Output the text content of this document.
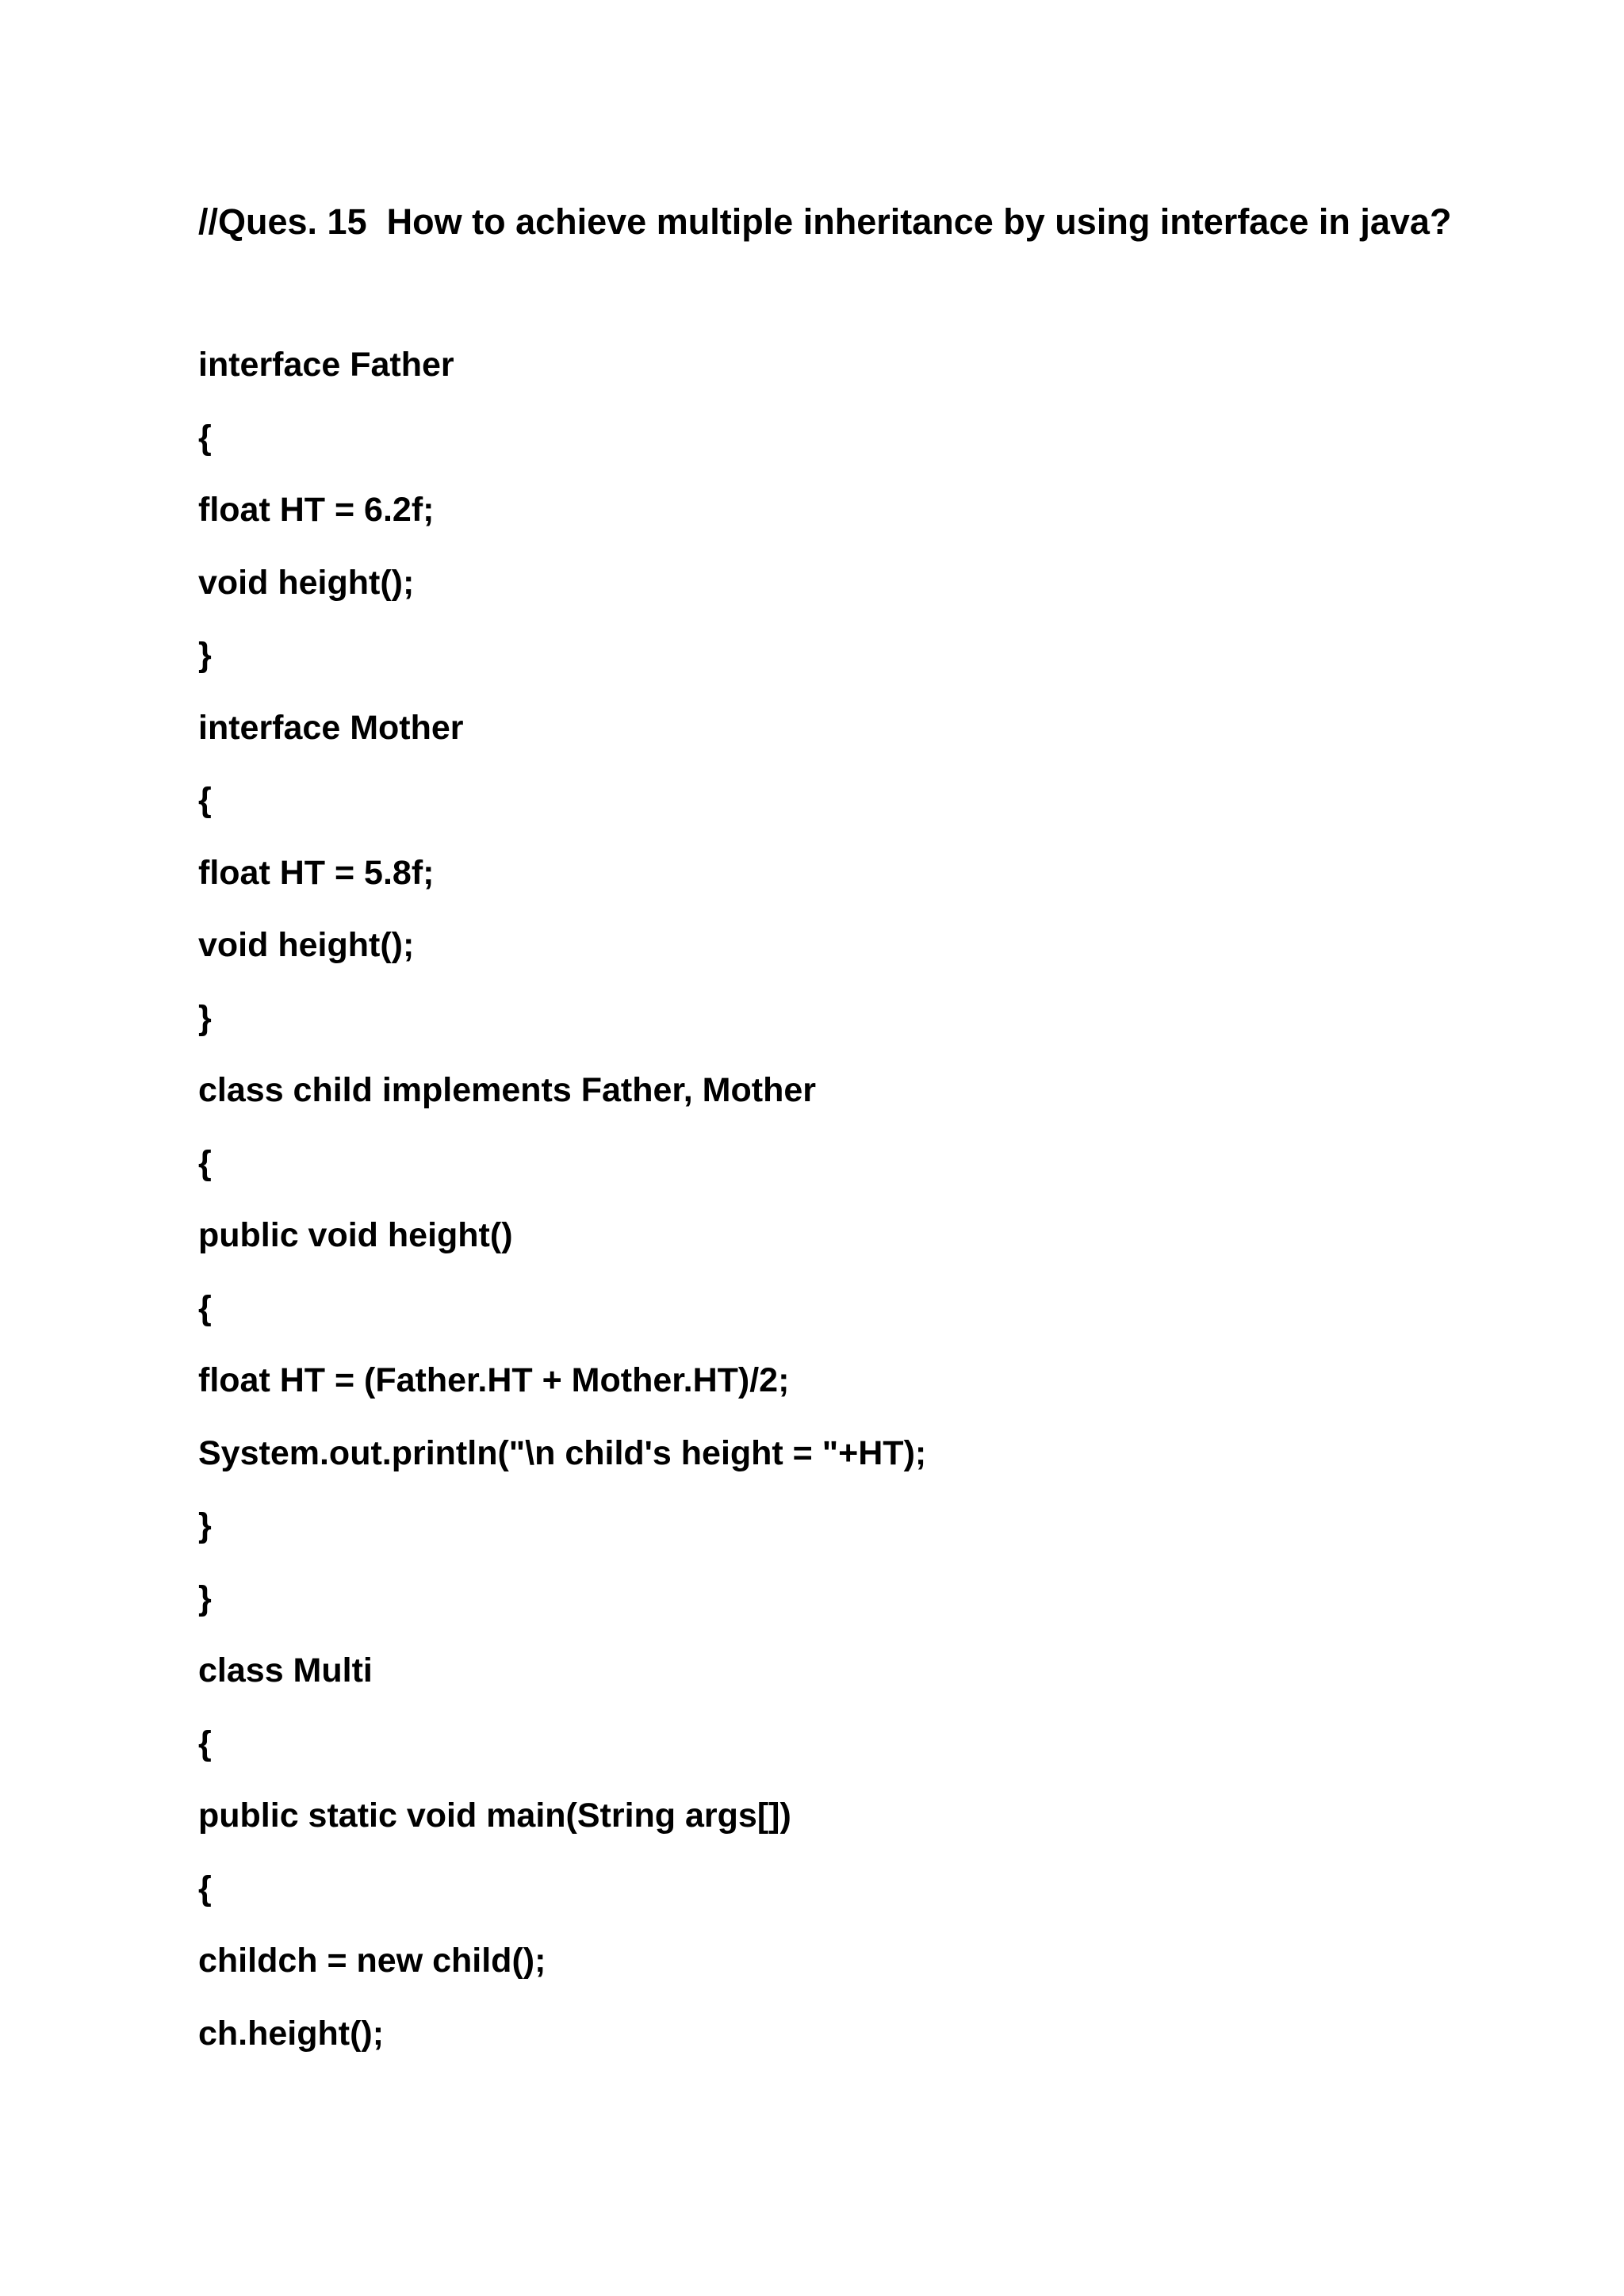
//Ques. 15  How to achieve multiple inheritance by using interface in java?
interface Father
{
float HT = 6.2f;
void height();
}
interface Mother
{
float HT = 5.8f;
void height();
}
class child implements Father, Mother
{
public void height()
{
float HT = (Father.HT + Mother.HT)/2;
System.out.println("\n child's height = "+HT);
}
}
class Multi
{
public static void main(String args[])
{
childch = new child();
ch.height();
